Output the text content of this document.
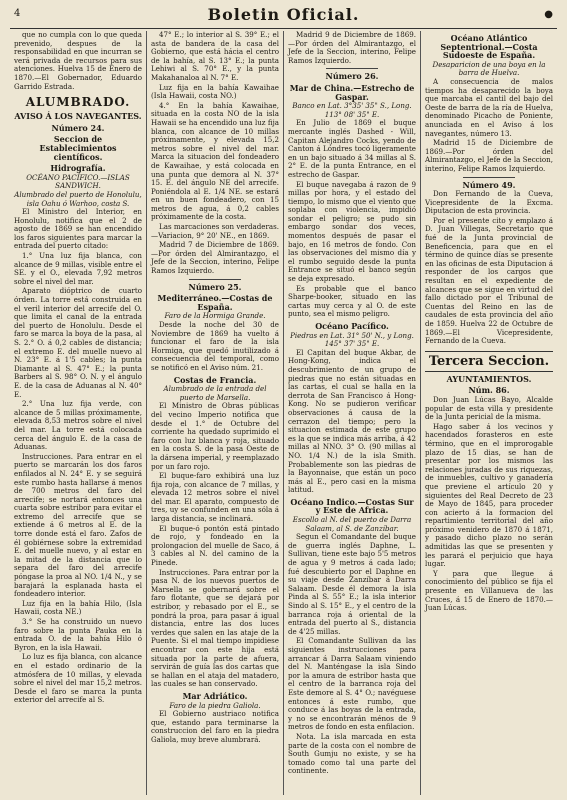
4	Boletin Oficial.	●

que no cumpla con lo que queda prevenido, despues de la responsabilidad en que incurran se verá privada de recursos para sus atenciones. Huelva 15 de Enero de 1870.—El Gobernador, Eduardo Garrido Estrada.

ALUMBRADO.
AVISO Á LOS NAVEGANTES.
Número 24.
Seccion de Establecimientos científicos.
Hidrografía.
OCÉANO PACÍFICO.—ISLAS SANDWICH.
Alumbrado del puerto de Honolulu, isla Oahu ó Warhoo, costa S.

El Ministro del Interior, en Honolulu, notifica que el 2 de agosto de 1869 se han encendido los faros siguientes para marcar la entrada del puerto citado:

1.° Una luz fija blanca, con alcance de 9 millas, visible entre el SE. y el O., elevada 7,92 metros sobre el nivel del mar.

Aparato dióptrico de cuarto órden. La torre está construida en el veril interior del arrecife del O. que limita el canal de la entrada del puerto de Honolulu. Desde el faro se marca la boya de la pasa, al S. 2.° O. á 0,2 cables de distancia; el extremo E. del muelle nuevo al N. 23° E. á 1'5 cables; la punta Diamante al S. 47° E.; la punta Barbers al S. 98° O. N. y el ángulo E. de la casa de Aduanas al N. 40° E.

2.° Una luz fija verde, con alcance de 5 millas próximamente, elevada 8,53 metros sobre el nivel del mar. La torre está colocada cerca del ángulo E. de la casa de Aduanas.

Instrucciones. Para entrar en el puerto se marcarán los dos faros enfilados al N. 24° E. y se seguirá este rumbo hasta hallarse á menos de 700 metros del faro del arrecife; se nortará entonces una cuarta sobre estribor para evitar el extremo del arrecife que se extiende á 6 metros al E. de la torre donde está el faro. Zafos de él gobiérnese sobre la extremidad E. del muelle nuevo, y al estar en la mitad de la distancia que lo separa del faro del arrecife póngase la proa al NO. 1/4 N., y se barajará la esplanada hasta el fondeadero interior.

Luz fija en la bahía Hilo, (Isla Hawaii, costa NE.)

3.° Se ha construido un nuevo faro sobre la punta Pauka en la entrada O. de la bahía Hilo ó Byron, en la isla Hawaii.

Lo luz es fija blanca, con alcance en el estado ordinario de la atmósfera de 10 millas, y elevada sobre el nivel del mar 15,2 metros. Desde el faro se marca la punta exterior del arrecife al S.

47° E.; lo interior al S. 39° E.; el asta de bandera de la casa del Gobierno, que está hácia el centro de la bahía, al S. 13° E.; la punta Lehiwi al S. 70° E., y la punta Makahanaloa al N. 7° E.

Luz fija en la bahía Kawaihae (Isla Hawaii, costa NO.)

4.° En la bahía Kawaihae, situada en la costa NO de la isla Hawaii se ha encendido una luz fija blanca, con alcance de 10 millas próximamente, y elevada 15,2 metros sobre el nivel del mar. Marca la situacion del fondeadero de Kawaihae, y está colocada en una punta que demora al N. 37° 15. E. del ángulo NE del arrecife. Poniéndola al E. 1/4 NE. se estará en un buen fondeadero, con 15 metros de agua, á 0,2 cables próximamente de la costa.

Las marcaciones son verdaderas.—Variacion, 9° 20' NE., en 1869.

Madrid 7 de Diciembre de 1869.—Por órden del Almirantazgo, el Jefe de la Seccion, interino, Felipe Ramos Izquierdo.

Número 25.
Mediterráneo.—Costas de España.
Faro de la Hormiga Grande.

Desde la noche del 30 de Noviembre de 1869 ha vuelto á funcionar el faro de la isla Hormiga, que quedó inutilizado á consecuencia del temporal, como se notificó en el Aviso núm. 21.

Costas de Francia.
Alumbrado de la entrada del puerto de Marsella.

El Ministro de Obras públicas del vecino Imperio notifica que desde el 1.° de Octubre del corriente ha quedado suprimido el faro con luz blanca y roja, situado en la costa S. de la pasa Oeste de la dársena imperial, y reemplazado por un faro rojo.

El buque-faro exhibirá una luz fija roja, con alcance de 7 millas, y elevada 12 metros sobre el nivel del mar. El aparato, compuesto de tres, uy se confunden en una sóla á larga distancia, se inclinará.

El buque-ó pontón está pintado de rojo, y fondeado en la prolongacion del muelle de Saco, á 3 cables al N. del camino de la Pinede.

Instrucciones. Para entrar por la pasa N. de los nuevos puertos de Marsella se gobernará sobre el faro flotante, que se dejará por estribor, y rebasado por el E., se pondrá la proa, para pasar á igual distancia, entre las dos luces verdes que salen en las ataje de la Puente. Si el mal tiempo impidiese encontrar con este hija está situada por la parte de afuera, servirán de guía las dos cartas que se hallan en el ataja del matadero, las cuales se han conservado.

Mar Adriático.
Faro de la piedra Galiola.

El Gobierno austriaco notifica que, estando para terminarse la construccion del faro en la piedra Galiola, muy breve alumbrará.

Madrid 9 de Diciembre de 1869.—Por órden del Almirantazgo, el Jefe de la Seccion, interino, Felipe Ramos Izquierdo.

Número 26.
Mar de China.—Estrecho de Gaspar.
Banco en Lat. 3°35' 35" S., Long. 113° 08' 35" E.

En Julio de 1869 el buque mercante inglés Dashed - Will, Capitan Alejandro Cocks, yendo de Canton á Lóndres tocó ligeramente en un bajo situado á 34 millas al S. 2° E. de la punta Entrance, en el estrecho de Gaspar.

El buque navegaba á razon de 9 millas por hora, y el estado del tiempo, lo mismo que el viento que soplaba con violencia, impidió sondar el peligro; se pudo sin embargo sondar dos veces, momentos después de pasar el bajo, en 16 metros de fondo. Con las observaciones del mismo día y el rumbo seguido desde la punta Entrance se situó el banco según se deja expresado.

Es probable que el banco Sharpe-booker, situado en las cartas muy cerca y al O. de este punto, sea el mismo peligro.

Océano Pacífico.
Piedras en Lat. 31° 50' N., y Long. 145° 37' 35" E.

El Capitan del buque Akbar, de Hong-Kong, indica el descubrimiento de un grupo de piedras que no están situadas en las cartas, el cual se halla en la derrota de San Francisco á Hong-Kong. No se pudieron verificar observaciones á causa de la cerrazon del tiempo; pero la situacion estimada de este grupo es la que se indica más arriba, á 42 millas al NNO. 3° O. (90 millas al NO. 1/4 N.) de la isla Smith. Probablemente son las piedras de la Bayonnaise, que están un poco más al E., pero casi en la misma latitud.

Océano Indico.—Costas Sur y Este de Africa.
Escollo al N. del puerto de Darra Salaam, al S. de Zanzíbar.

Segun el Comandante del buque de guerra inglés Daphne, L. Sullivan, tiene este bajo 5'5 metros de agua y 9 metros á cada lado; fué descubierto por el Daphne en su viaje desde Zanzíbar á Darra Salaam. Desde él demora la isla Pinda al S. 55° E.; la isla interior Sindo al S. 15° E., y el centro de la barranca roja á oriental de la entrada del puerto al S., distancia de 4'25 millas.

El Comandante Sullivan da las siguientes instrucciones para arrancar á Darra Salaam viniendo del N. Manténgase la isla Sindo por la amura de estribor hasta que el centro de la barranca roja del Este demore al S. 4° O.; navéguese entonces á este rumbo, que conduce á las boyas de la entrada, y no se encontrarán ménos de 9 metros de fondo en esta enfilacion.

Nota. La isla marcada en esta parte de la costa con el nombre de South Gumju no existe, y se ha tomado como tal una parte del continente.

Océano Atlántico Septentrional.—Costa Sudoeste de España.
Desaparicion de una boya en la barra de Huelva.

A consecuencia de malos tiempos ha desaparecido la boya que marcaba el cantil del bajo del Oeste de barra de la ría de Huelva, denominado Picacho de Poniente, anunciada en el Aviso á los navegantes, número 13.

Madrid 15 de Diciembre de 1869.—Por órden del Almirantazgo, el Jefe de la Seccion, interino, Felipe Ramos Izquierdo.

Número 49.

Don Fernando de la Cueva, Vicepresidente de la Excma. Diputacion de esta provincia.

Por el presente cito y emplazo á D. Juan Villegas, Secretario que fué de la Junta provincial de Beneficencia, para que en el término de quince días se presente en las oficinas de esta Diputacion á responder de los cargos que resultan en el expediente de alcances que se sigue en virtud del fallo dictado por el Tribunal de Cuentas del Reino en las de caudales de esta provincia del año de 1859. Huelva 22 de Octubre de 1869.—El Vicepresidente, Fernando de la Cueva.

Tercera Seccion.
AYUNTAMIENTOS.
Núm. 86.

Don Juan Lúcas Bayo, Alcalde popular de esta villa y presidente de la Junta pericial de la misma.

Hago saber á los vecinos y hacendados forasteros en este término, que en el improrogable plazo de 15 dias, se han de presentar por los mismos las relaciones juradas de sus riquezas, de inmuebles, cultivo y ganadería que previene el artículo 20 y siguientes del Real Decreto de 23 de Mayo de 1845, para proceder con acierto á la formacion del repartimiento territorial del año próximo venidero de 1870 á 1871, y pasado dicho plazo no serán admitidas las que se presenten y les parará el perjuicio que haya lugar.

Y para que llegue á conocimiento del público se fija el presente en Villanueva de las Cruces, á 15 de Enero de 1870.—Juan Lúcas.
